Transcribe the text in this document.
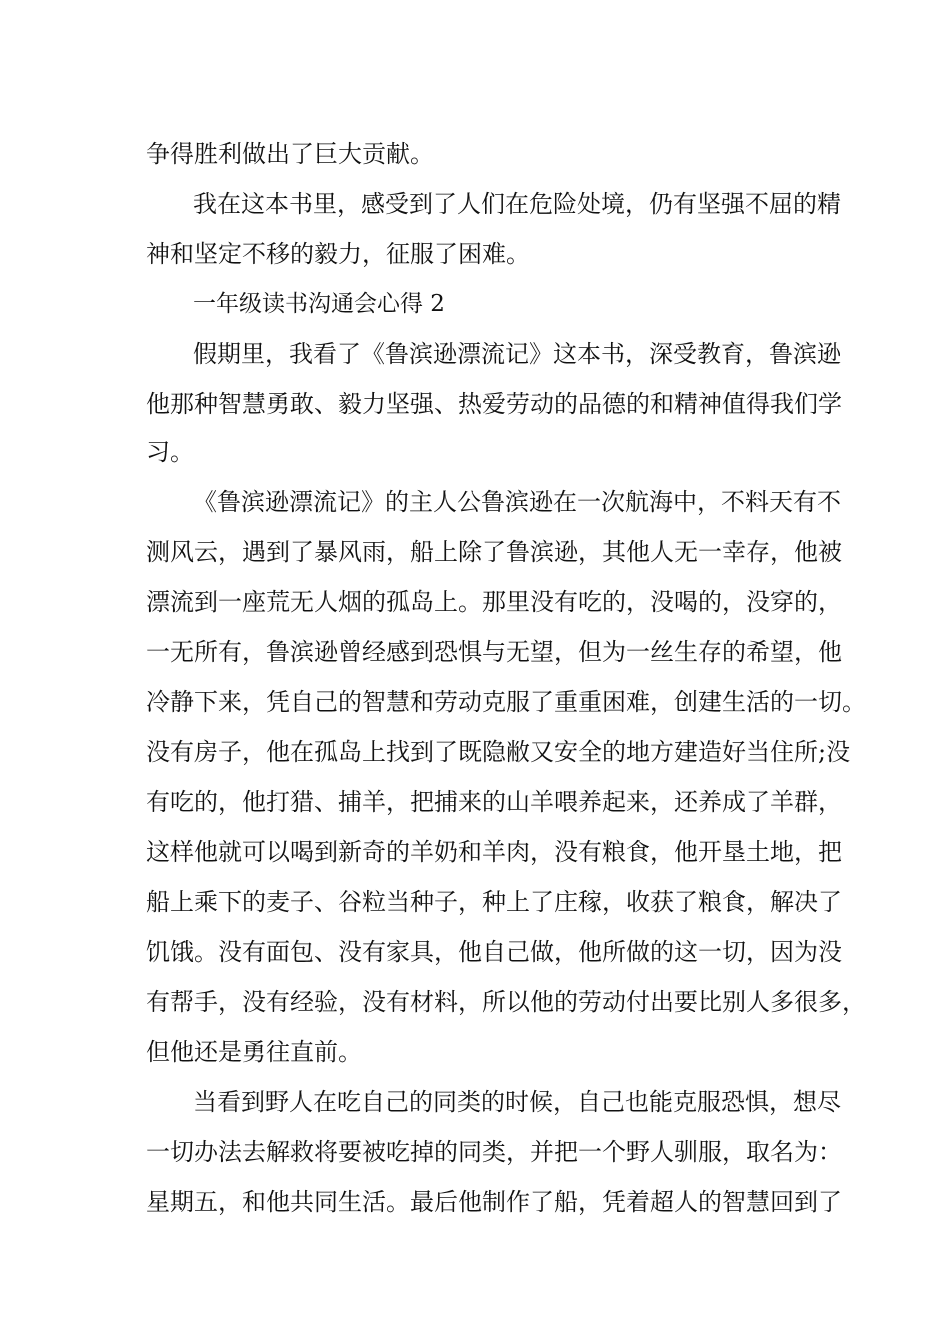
争得胜利做出了巨大贡献。
我在这本书里，感受到了人们在危险处境，仍有坚强不屈的精
神和坚定不移的毅力，征服了困难。
一年级读书沟通会心得 2
假期里，我看了《鲁滨逊漂流记》这本书，深受教育，鲁滨逊
他那种智慧勇敢、毅力坚强、热爱劳动的品德的和精神值得我们学
习。
《鲁滨逊漂流记》的主人公鲁滨逊在一次航海中，不料天有不
测风云，遇到了暴风雨，船上除了鲁滨逊，其他人无一幸存，他被
漂流到一座荒无人烟的孤岛上。那里没有吃的，没喝的，没穿的，
一无所有，鲁滨逊曾经感到恐惧与无望，但为一丝生存的希望，他
冷静下来，凭自己的智慧和劳动克服了重重困难，创建生活的一切。
没有房子，他在孤岛上找到了既隐敝又安全的地方建造好当住所;没
有吃的，他打猎、捕羊，把捕来的山羊喂养起来，还养成了羊群，
这样他就可以喝到新奇的羊奶和羊肉，没有粮食，他开垦土地，把
船上乘下的麦子、谷粒当种子，种上了庄稼，收获了粮食，解决了
饥饿。没有面包、没有家具，他自己做，他所做的这一切，因为没
有帮手，没有经验，没有材料，所以他的劳动付出要比别人多很多，
但他还是勇往直前。
当看到野人在吃自己的同类的时候，自己也能克服恐惧，想尽
一切办法去解救将要被吃掉的同类，并把一个野人驯服，取名为：
星期五，和他共同生活。最后他制作了船，凭着超人的智慧回到了
